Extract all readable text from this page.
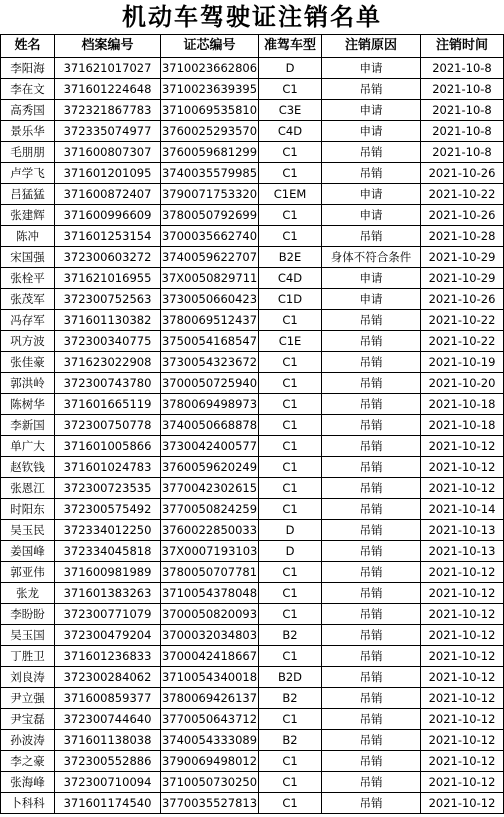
机动车驾驶证注销名单
姓名	档案编号	证芯编号	准驾车型	注销原因	注销时间
李阳海	371621017027	3710023662806	D	申请	2021-10-8
李在文	371601224648	3710023639395	C1	吊销	2021-10-8
高秀国	372321867783	3710069535810	C3E	申请	2021-10-8
景乐华	372335074977	3760025293570	C4D	申请	2021-10-8
毛朋朋	371600807307	3760059681299	C1	吊销	2021-10-8
卢学飞	371601201095	3740035579985	C1	吊销	2021-10-26
吕猛猛	371600872407	3790071753320	C1EM	申请	2021-10-22
张建辉	371600996609	3780050792699	C1	申请	2021-10-26
陈冲	371601253154	3700035662740	C1	吊销	2021-10-28
宋国强	372300603272	3740059622707	B2E	身体不符合条件	2021-10-29
张栓平	371621016955	37X0050829711	C4D	申请	2021-10-29
张茂军	372300752563	3730050660423	C1D	申请	2021-10-26
冯存军	371601130382	3780069512437	C1	吊销	2021-10-22
巩方波	372300340775	3750054168547	C1E	吊销	2021-10-22
张佳豪	371623022908	3730054323672	C1	吊销	2021-10-19
郭洪岭	372300743780	3700050725940	C1	吊销	2021-10-20
陈树华	371601665119	3780069498973	C1	吊销	2021-10-18
李新国	372300750778	3740050668878	C1	吊销	2021-10-18
单广大	371601005866	3730042400577	C1	吊销	2021-10-12
赵钦钱	371601024783	3760059620249	C1	吊销	2021-10-12
张恩江	372300723535	3770042302615	C1	吊销	2021-10-12
时阳东	372300575492	3770050824259	C1	吊销	2021-10-14
吴玉民	372334012250	3760022850033	D	吊销	2021-10-13
姜国峰	372334045818	37X0007193103	D	吊销	2021-10-13
郭亚伟	371600981989	3780050707781	C1	吊销	2021-10-12
张龙	371601383263	3710054378048	C1	吊销	2021-10-12
李盼盼	372300771079	3700050820093	C1	吊销	2021-10-12
吴玉国	372300479204	3700032034803	B2	吊销	2021-10-12
丁胜卫	371601236833	3700042418667	C1	吊销	2021-10-12
刘良涛	372300284062	3710054340018	B2D	吊销	2021-10-12
尹立强	371600859377	3780069426137	B2	吊销	2021-10-12
尹宝磊	372300744640	3770050643712	C1	吊销	2021-10-12
孙波涛	371601138038	3740054333089	B2	吊销	2021-10-12
李之豪	372300552886	3790069498012	C1	吊销	2021-10-12
张海峰	372300710094	3710050730250	C1	吊销	2021-10-12
卜科科	371601174540	3770035527813	C1	吊销	2021-10-12
